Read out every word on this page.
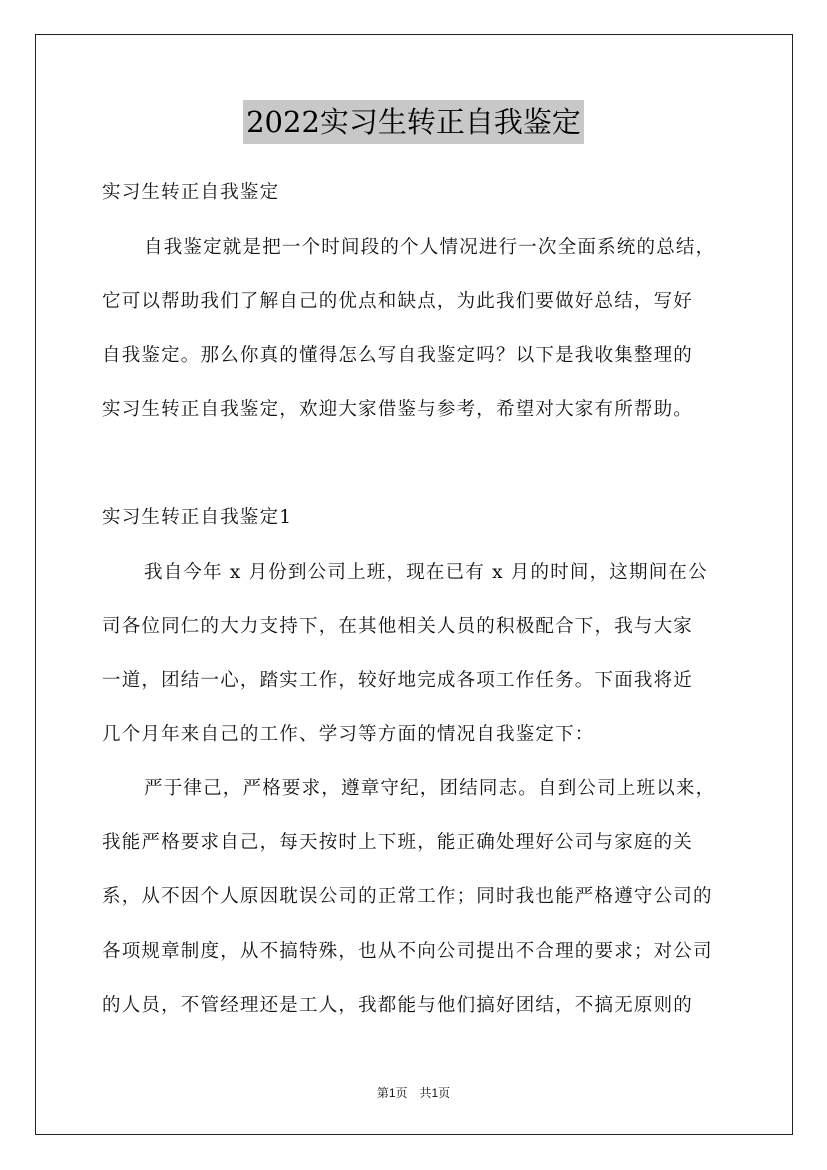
2022实习生转正自我鉴定
实习生转正自我鉴定
自我鉴定就是把一个时间段的个人情况进行一次全面系统的总结，
它可以帮助我们了解自己的优点和缺点，为此我们要做好总结，写好
自我鉴定。那么你真的懂得怎么写自我鉴定吗？以下是我收集整理的
实习生转正自我鉴定，欢迎大家借鉴与参考，希望对大家有所帮助。
实习生转正自我鉴定1
我自今年 x 月份到公司上班，现在已有 x 月的时间，这期间在公
司各位同仁的大力支持下，在其他相关人员的积极配合下，我与大家
一道，团结一心，踏实工作，较好地完成各项工作任务。下面我将近
几个月年来自己的工作、学习等方面的情况自我鉴定下：
严于律己，严格要求，遵章守纪，团结同志。自到公司上班以来，
我能严格要求自己，每天按时上下班，能正确处理好公司与家庭的关
系，从不因个人原因耽误公司的正常工作；同时我也能严格遵守公司的
各项规章制度，从不搞特殊，也从不向公司提出不合理的要求；对公司
的人员，不管经理还是工人，我都能与他们搞好团结，不搞无原则的
第1页　共1页
